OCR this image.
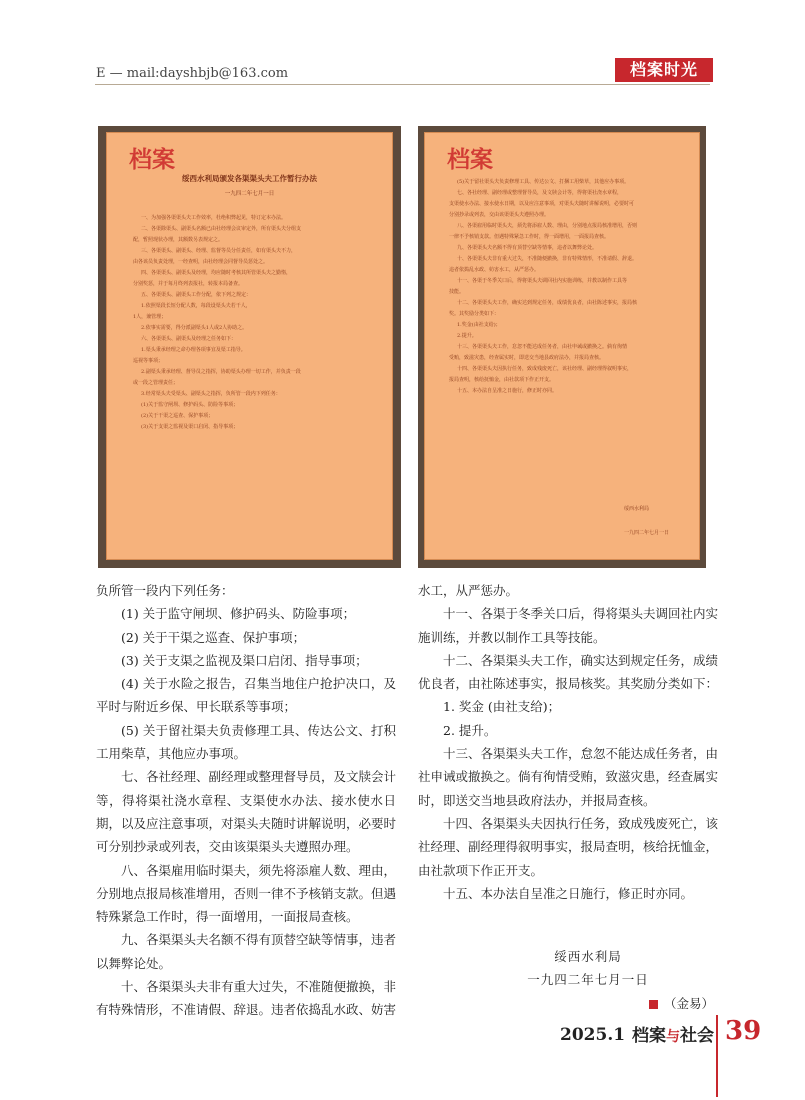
E — mail:dayshbjb@163.com	档案时光
档案
绥西水利局颁发各渠渠头夫工作暂行办法
一九四二年七月一日
一、为加强各渠渠头夫工作效率，杜绝积弊起见，特订定本办法。
二、各渠除渠头、副渠头名额已由社经理会议审定外，所有渠头夫分组支
配，暂照现状办理，其额数另表规定之。
三、各渠渠头、副渠头、经理、监督等员分任责任，如有渠头夫不力，
由各该员负责处理，一经查明，由社经理会同督导员惩处之。
四、各渠渠头、副渠头及经理，均应随时考核其所管渠头夫之勤惰，
分别奖惩，并于每月终列表报社，转报本局备查。
五、各渠渠头、副渠头工作分配，依下列之规定：
1.依照渠段长短分配人数，每段设渠头夫若干人，
1人，兼管理；
2.依事实需要，得分派副渠头1人或2人协助之。
六、各渠渠头、副渠头及经理之任务如下：
1.渠头秉承经理之命办理各项事宜及渠工指导。
巡视等事项；
2.副渠头秉承经理、督导员之指挥，协助渠头办理一切工作，并负责一段
或一段之管理责任；
3.经常渠头夫受渠头、副渠头之指挥，负所管一段内下列任务：
(1)关于监守闸坝、修护码头、防险等事项；
(2)关于干渠之巡查、保护事项；
(3)关于支渠之监视及渠口启闭、指导事项；
档案
(5)关于留社渠头夫负责修理工具、传达公文、打捆工用柴草，其他应办事项。
七、各社经理、副经理或整理督导员，及文牍会计等，得将渠社浇水章程，
支渠使水办法、接水使水日期，以及应注意事项，对渠头夫随时讲解说明，必要时可
分别抄录或列表，交由该渠渠头夫遵照办理。
八、各渠雇用临时渠头夫，须先将添雇人数、理由，分别地点报局核准增用，否则
一律不予核销支款。但遇特殊紧急工作时，得一面增用，一面报局查核。
九、各渠渠头夫名额不得有顶替空缺等情事，违者以舞弊论处。
十、各渠渠头夫非有重大过失，不准随便撤换，非有特殊情形，不准请假、辞退。
违者依捣乱水政、妨害水工，从严惩办。
十一、各渠于冬季关口后，得将渠头夫调回社内实施训练，并教以制作工具等
技能。
十二、各渠渠头夫工作，确实达到规定任务，成绩优良者，由社陈述事实，报局核
奖。其奖励分类如下：
1.奖金(由社支给)；
2.提升。
十三、各渠渠头夫工作，怠忽不能达成任务者，由社申诫或撤换之。倘有徇情
受贿，致滋灾患，经查属实时，即送交当地县政府法办，并报局查核。
十四、各渠渠头夫因执行任务，致成残废死亡，该社经理、副经理得叙明事实，
报局查明，核给抚恤金，由社款项下作正开支。
十五、本办法自呈准之日施行，修正时亦同。
绥西水利局
一九四二年七月一日

负所管一段内下列任务：

(1) 关于监守闸坝、修护码头、防险事项；

(2) 关于干渠之巡查、保护事项；

(3) 关于支渠之监视及渠口启闭、指导事项；

(4) 关于水险之报告，召集当地住户抢护决口，及平时与附近乡保、甲长联系等事项；

(5) 关于留社渠夫负责修理工具、传达公文、打积工用柴草，其他应办事项。

七、各社经理、副经理或整理督导员，及文牍会计等，得将渠社浇水章程、支渠使水办法、接水使水日期，以及应注意事项，对渠头夫随时讲解说明，必要时可分别抄录或列表，交由该渠渠头夫遵照办理。

八、各渠雇用临时渠夫，须先将添雇人数、理由，分别地点报局核准增用，否则一律不予核销支款。但遇特殊紧急工作时，得一面增用，一面报局查核。

九、各渠渠头夫名额不得有顶替空缺等情事，违者以舞弊论处。

十、各渠渠头夫非有重大过失，不准随便撤换，非有特殊情形，不准请假、辞退。违者依捣乱水政、妨害

水工，从严惩办。

十一、各渠于冬季关口后，得将渠头夫调回社内实施训练，并教以制作工具等技能。

十二、各渠渠头夫工作，确实达到规定任务，成绩优良者，由社陈述事实，报局核奖。其奖励分类如下：

1. 奖金 (由社支给)；

2. 提升。

十三、各渠渠头夫工作，怠忽不能达成任务者，由社申诫或撤换之。倘有徇情受贿，致滋灾患，经查属实时，即送交当地县政府法办，并报局查核。

十四、各渠渠头夫因执行任务，致成残废死亡，该社经理、副经理得叙明事实，报局查明，核给抚恤金，由社款项下作正开支。

十五、本办法自呈准之日施行，修正时亦同。

绥西水利局
一九四二年七月一日
（金易）
2025.1 档案与社会 39
